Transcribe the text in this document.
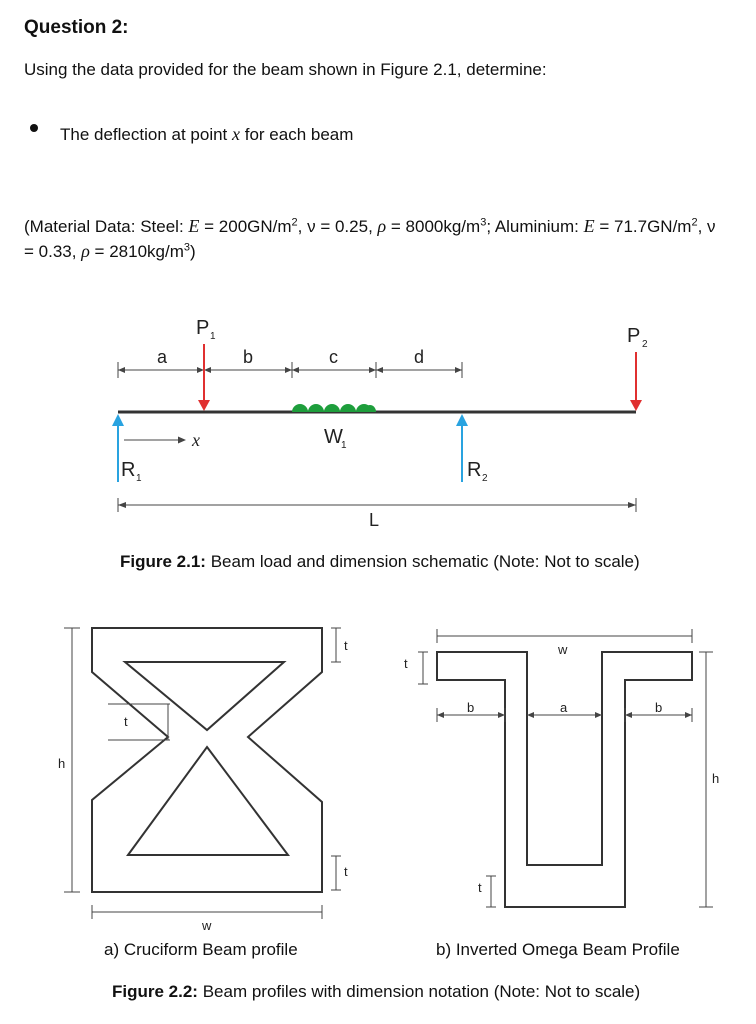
Question 2:
Using the data provided for the beam shown in Figure 2.1, determine:
The deflection at point x for each beam
(Material Data: Steel: $E = 200GN/m^2$, ν = 0.25, $\rho = 8000kg/m^3$; Aluminium: $E = 71.7GN/m^2$, ν
= 0.33, $\rho = 2810kg/m^3$)
a	b	c	d
P 1	P 2
W
1
x
R 1	R 2
L
h
w
t
t
t
w
t
b	a	b
h
t
Figure 2.1: Beam load and dimension schematic (Note: Not to scale)
a) Cruciform Beam profile	b) Inverted Omega Beam Profile
Figure 2.2: Beam profiles with dimension notation (Note: Not to scale)
